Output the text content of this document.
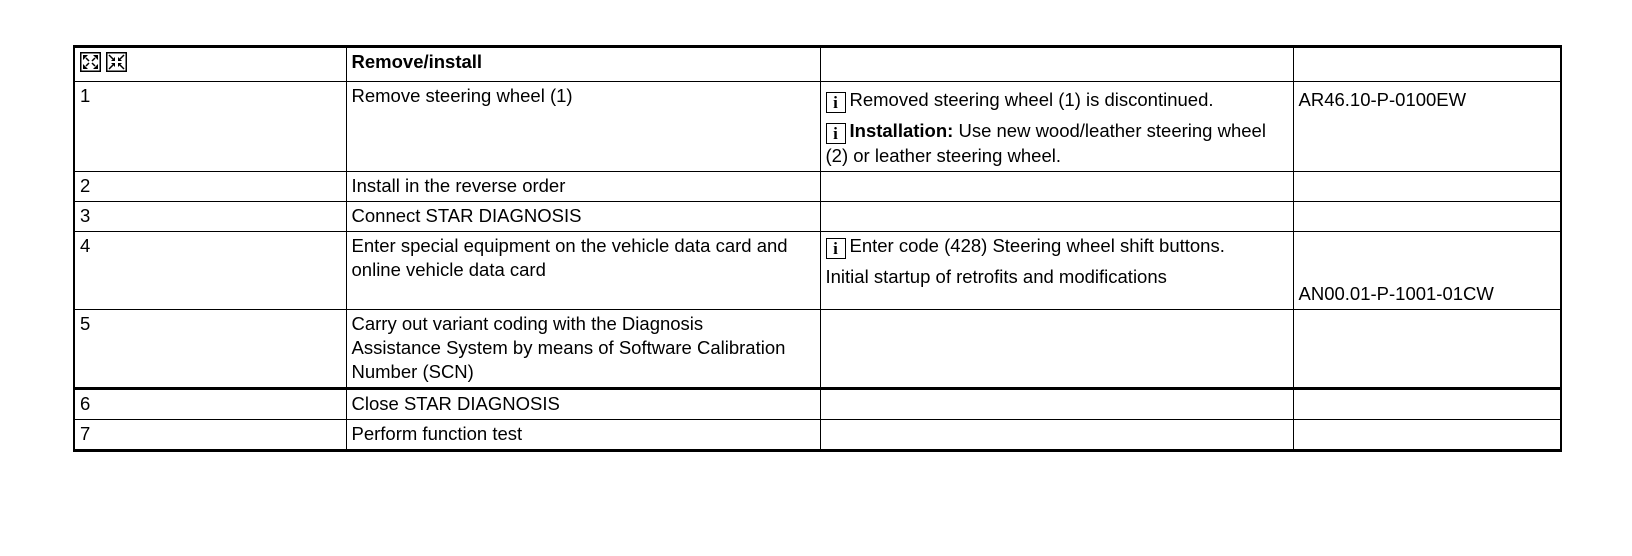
	Remove/install		
1	Remove steering wheel (1)	i Removed steering wheel (1) is discontinued.
i Installation: Use new wood/leather steering wheel (2) or leather steering wheel.	AR46.10-P-0100EW
2	Install in the reverse order		
3	Connect STAR DIAGNOSIS		
4	Enter special equipment on the vehicle data card and online vehicle data card	i Enter code (428) Steering wheel shift buttons.
Initial startup of retrofits and modifications	AN00.01-P-1001-01CW

5	Carry out variant coding with the Diagnosis Assistance System by means of Software Calibration Number (SCN)		
6	Close STAR DIAGNOSIS		
7	Perform function test		
